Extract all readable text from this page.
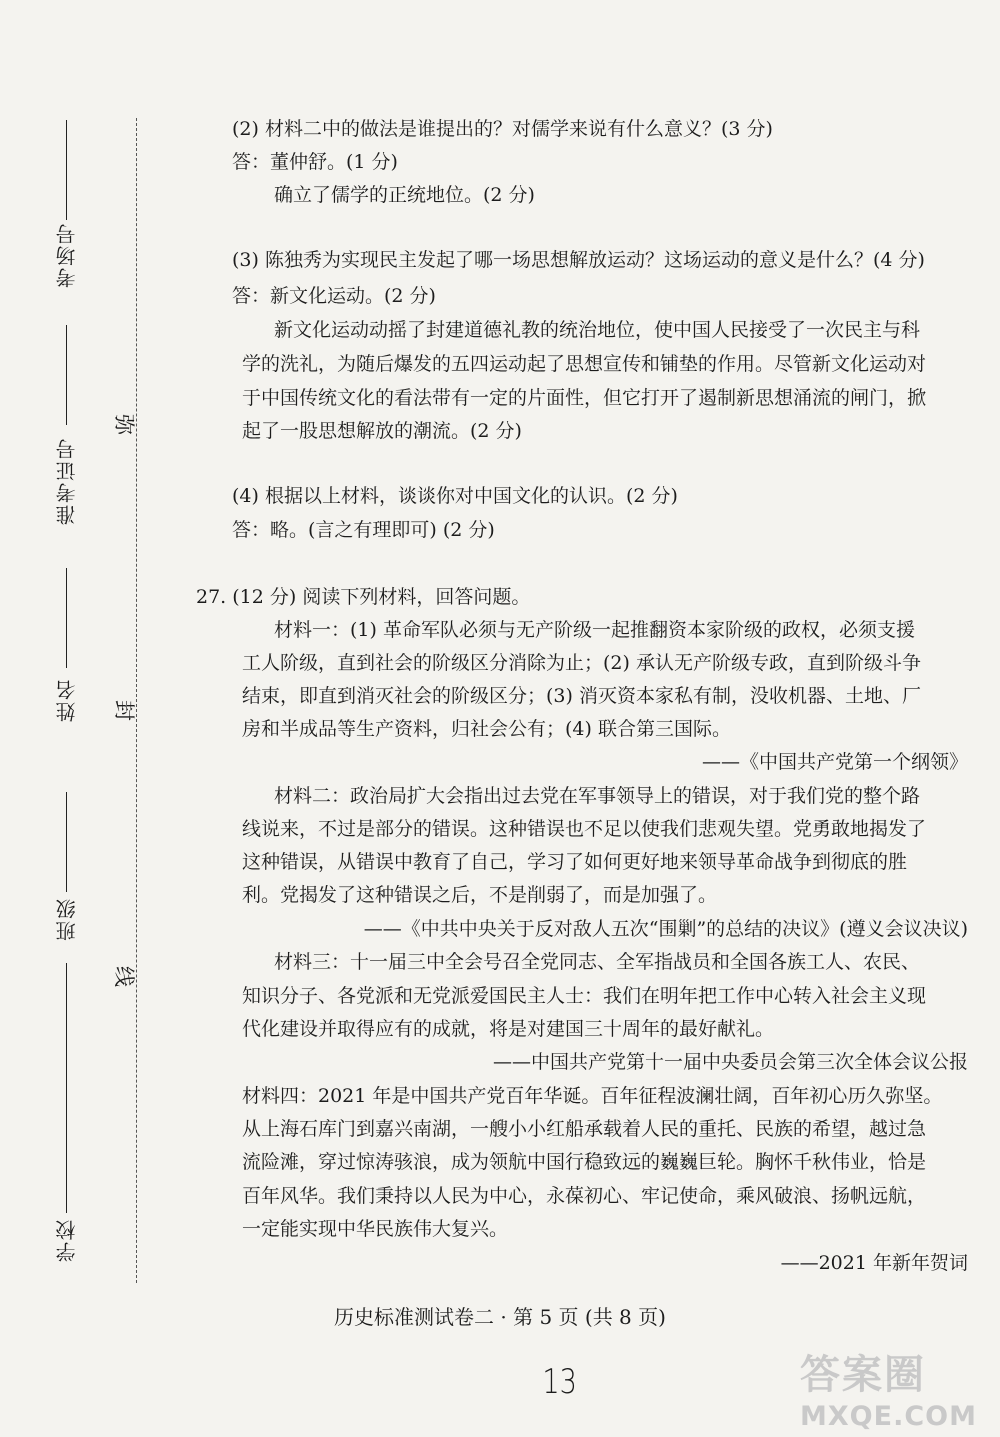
考场号
准考证号
姓名
班级
学校
弥
封
线
(2) 材料二中的做法是谁提出的？对儒学来说有什么意义？(3 分)
答：董仲舒。(1 分)
确立了儒学的正统地位。(2 分)
(3) 陈独秀为实现民主发起了哪一场思想解放运动？这场运动的意义是什么？(4 分)
答：新文化运动。(2 分)
新文化运动动摇了封建道德礼教的统治地位，使中国人民接受了一次民主与科
学的洗礼，为随后爆发的五四运动起了思想宣传和铺垫的作用。尽管新文化运动对
于中国传统文化的看法带有一定的片面性，但它打开了遏制新思想涌流的闸门，掀
起了一股思想解放的潮流。(2 分)
(4) 根据以上材料，谈谈你对中国文化的认识。(2 分)
答：略。(言之有理即可) (2 分)
27. (12 分) 阅读下列材料，回答问题。
材料一：(1) 革命军队必须与无产阶级一起推翻资本家阶级的政权，必须支援
工人阶级，直到社会的阶级区分消除为止；(2) 承认无产阶级专政，直到阶级斗争
结束，即直到消灭社会的阶级区分；(3) 消灭资本家私有制，没收机器、土地、厂
房和半成品等生产资料，归社会公有；(4) 联合第三国际。
——《中国共产党第一个纲领》
材料二：政治局扩大会指出过去党在军事领导上的错误，对于我们党的整个路
线说来，不过是部分的错误。这种错误也不足以使我们悲观失望。党勇敢地揭发了
这种错误，从错误中教育了自己，学习了如何更好地来领导革命战争到彻底的胜
利。党揭发了这种错误之后，不是削弱了，而是加强了。
——《中共中央关于反对敌人五次“围剿”的总结的决议》(遵义会议决议)
材料三：十一届三中全会号召全党同志、全军指战员和全国各族工人、农民、
知识分子、各党派和无党派爱国民主人士：我们在明年把工作中心转入社会主义现
代化建设并取得应有的成就，将是对建国三十周年的最好献礼。
——中国共产党第十一届中央委员会第三次全体会议公报
材料四：2021 年是中国共产党百年华诞。百年征程波澜壮阔，百年初心历久弥坚。
从上海石库门到嘉兴南湖，一艘小小红船承载着人民的重托、民族的希望，越过急
流险滩，穿过惊涛骇浪，成为领航中国行稳致远的巍巍巨轮。胸怀千秋伟业，恰是
百年风华。我们秉持以人民为中心，永葆初心、牢记使命，乘风破浪、扬帆远航，
一定能实现中华民族伟大复兴。
——2021 年新年贺词
历史标准测试卷二 · 第 5 页 (共 8 页)
13	答案圈
MXQE.COM
